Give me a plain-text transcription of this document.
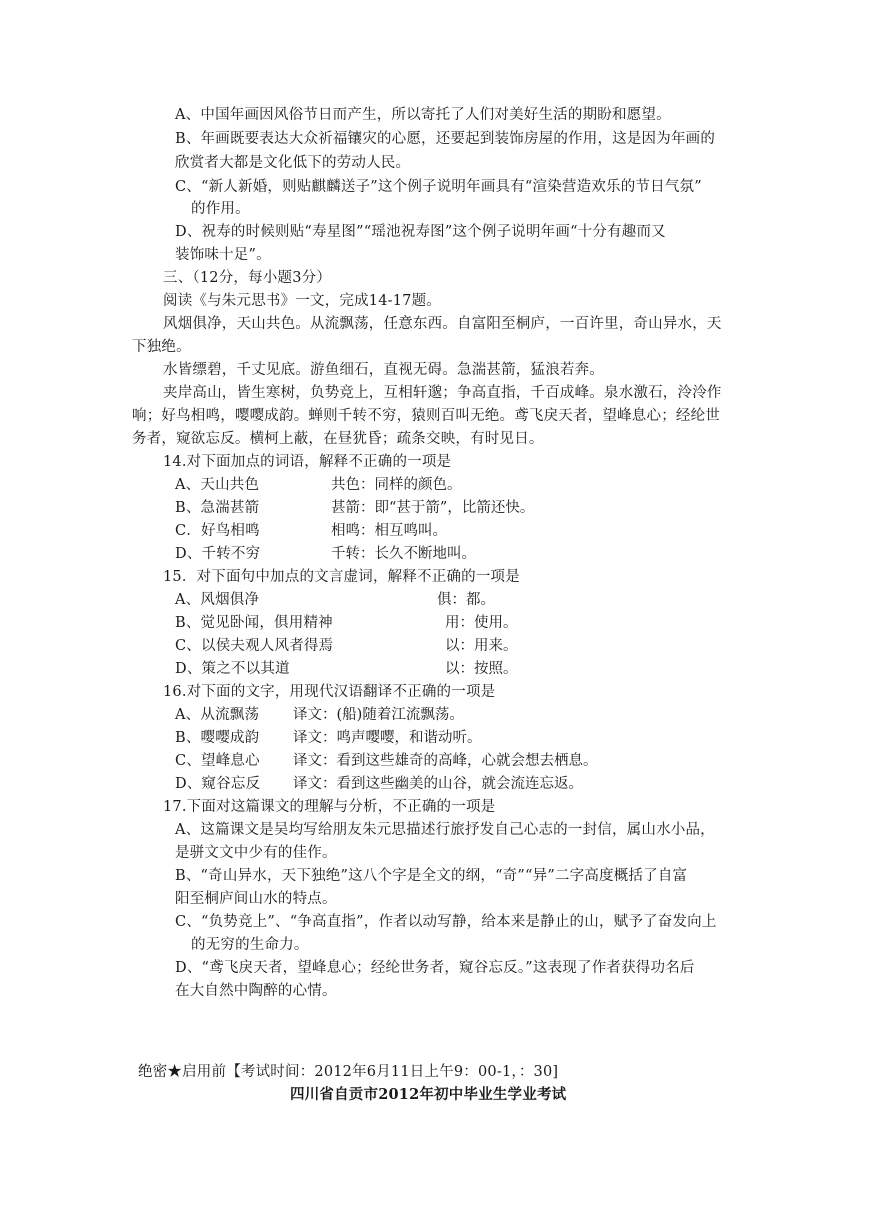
A、中国年画因风俗节日而产生，所以寄托了人们对美好生活的期盼和愿望。
B、年画既要表达大众祈福镶灾的心愿，还要起到装饰房屋的作用，这是因为年画的
欣赏者大都是文化低下的劳动人民。
C、“新人新婚，则贴麒麟送子”这个例子说明年画具有“渲染营造欢乐的节日气氛”
的作用。
D、祝寿的时候则贴“寿星图”“瑶池祝寿图”这个例子说明年画“十分有趣而又
装饰味十足”。
三、（12分，每小题3分）
阅读《与朱元思书》一文，完成14-17题。
风烟俱净，天山共色。从流飘荡，任意东西。自富阳至桐庐，一百许里，奇山异水，天
下独绝。
水皆缥碧，千丈见底。游鱼细石，直视无碍。急湍甚箭，猛浪若奔。
夹岸高山，皆生寒树，负势竞上，互相轩邈；争高直指，千百成峰。泉水激石，泠泠作
响；好鸟相鸣，嘤嘤成韵。蝉则千转不穷，猿则百叫无绝。鸢飞戾天者，望峰息心；经纶世
务者，窥欲忘反。横柯上蔽，在昼犹昏；疏条交映，有时见日。
14.对下面加点的词语，解释不正确的一项是
A、天山共色	共色：同样的颜色。
B、急湍甚箭	甚箭：即“甚于箭”，比箭还快。
C．好鸟相鸣	相鸣：相互鸣叫。
D、千转不穷	千转：长久不断地叫。
15．对下面句中加点的文言虚词，解释不正确的一项是
A、风烟俱净	俱：都。
B、觉见卧闻，俱用精神	用：使用。
C、以侯夫观人风者得焉	以：用来。
D、策之不以其道	以：按照。
16.对下面的文字，用现代汉语翻译不正确的一项是
A、从流飘荡 译文：(船)随着江流飘荡。
B、嘤嘤成韵 译文：鸣声嘤嘤，和谐动听。
C、望峰息心 译文：看到这些雄奇的高峰，心就会想去栖息。
D、窥谷忘反 译文：看到这些幽美的山谷，就会流连忘返。
17.下面对这篇课文的理解与分析，不正确的一项是
A、这篇课文是吴均写给朋友朱元思描述行旅抒发自己心志的一封信，属山水小品，
是骈文文中少有的佳作。
B、“奇山异水，天下独绝”这八个字是全文的纲，“奇”“异”二字高度概括了自富
阳至桐庐间山水的特点。
C、“负势竞上”、“争高直指”，作者以动写静，给本来是静止的山，赋予了奋发向上
的无穷的生命力。
D、“鸢飞戾天者，望峰息心；经纶世务者，窥谷忘反。”这表现了作者获得功名后
在大自然中陶醉的心情。
绝密★启用前【考试时间：2012年6月11日上午9：00-1，：30]
四川省自贡市2012年初中毕业生学业考试
